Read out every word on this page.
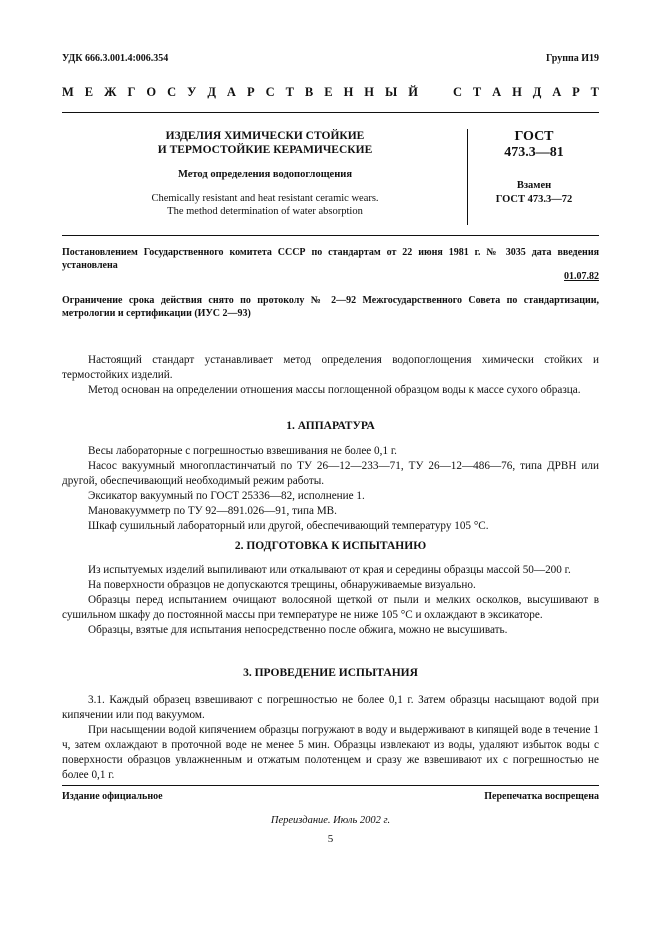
УДК 666.3.001.4:006.354	Группа И19
М Е Ж Г О С У Д А Р С Т В Е Н Н Ы Й	С Т А Н Д А Р Т
ИЗДЕЛИЯ ХИМИЧЕСКИ СТОЙКИЕ
И ТЕРМОСТОЙКИЕ КЕРАМИЧЕСКИЕ
Метод определения водопоглощения
Chemically resistant and heat resistant ceramic wears.
The method determination of water absorption
ГОСТ
473.3—81
Взамен
ГОСТ 473.3—72
Постановлением Государственного комитета СССР по стандартам от 22 июня 1981 г. № 3035 дата введения установлена
01.07.82
Ограничение срока действия снято по протоколу № 2—92 Межгосударственного Совета по стандартизации, метрологии и сертификации (ИУС 2—93)
Настоящий стандарт устанавливает метод определения водопоглощения химически стойких и термостойких изделий.
Метод основан на определении отношения массы поглощенной образцом воды к массе сухого образца.
1. АППАРАТУРА
Весы лабораторные с погрешностью взвешивания не более 0,1 г.
Насос вакуумный многопластинчатый по ТУ 26—12—233—71, ТУ 26—12—486—76, типа ДРВН или другой, обеспечивающий необходимый режим работы.
Эксикатор вакуумный по ГОСТ 25336—82, исполнение 1.
Мановакуумметр по ТУ 92—891.026—91, типа МВ.
Шкаф сушильный лабораторный или другой, обеспечивающий температуру 105 °С.
2. ПОДГОТОВКА К ИСПЫТАНИЮ
Из испытуемых изделий выпиливают или откалывают от края и середины образцы массой 50—200 г.
На поверхности образцов не допускаются трещины, обнаруживаемые визуально.
Образцы перед испытанием очищают волосяной щеткой от пыли и мелких осколков, высушивают в сушильном шкафу до постоянной массы при температуре не ниже 105 °С и охлаждают в эксикаторе.
Образцы, взятые для испытания непосредственно после обжига, можно не высушивать.
3. ПРОВЕДЕНИЕ ИСПЫТАНИЯ
3.1. Каждый образец взвешивают с погрешностью не более 0,1 г. Затем образцы насыщают водой при кипячении или под вакуумом.
При насыщении водой кипячением образцы погружают в воду и выдерживают в кипящей воде в течение 1 ч, затем охлаждают в проточной воде не менее 5 мин. Образцы извлекают из воды, удаляют избыток воды с поверхности образцов увлажненным и отжатым полотенцем и сразу же взвешивают их с погрешностью не более 0,1 г.
Издание официальное	Перепечатка воспрещена
Переиздание. Июль 2002 г.
5
